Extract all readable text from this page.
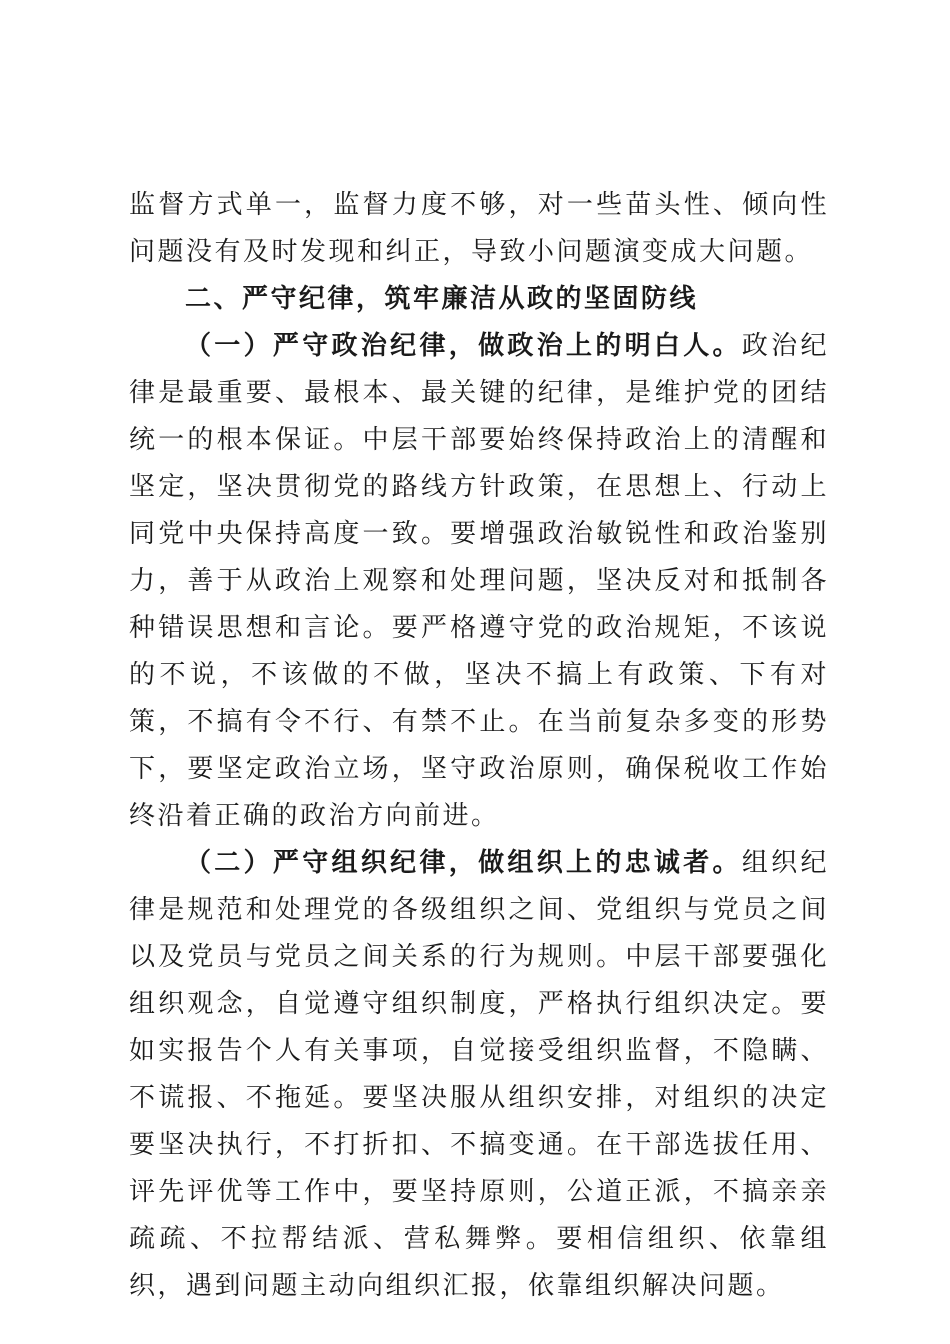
监督方式单一，监督力度不够，对一些苗头性、倾向性问题没有及时发现和纠正，导致小问题演变成大问题。

二、严守纪律，筑牢廉洁从政的坚固防线

（一）严守政治纪律，做政治上的明白人。政治纪律是最重要、最根本、最关键的纪律，是维护党的团结统一的根本保证。中层干部要始终保持政治上的清醒和坚定，坚决贯彻党的路线方针政策，在思想上、行动上同党中央保持高度一致。要增强政治敏锐性和政治鉴别力，善于从政治上观察和处理问题，坚决反对和抵制各种错误思想和言论。要严格遵守党的政治规矩，不该说的不说，不该做的不做，坚决不搞上有政策、下有对策，不搞有令不行、有禁不止。在当前复杂多变的形势下，要坚定政治立场，坚守政治原则，确保税收工作始终沿着正确的政治方向前进。

（二）严守组织纪律，做组织上的忠诚者。组织纪律是规范和处理党的各级组织之间、党组织与党员之间以及党员与党员之间关系的行为规则。中层干部要强化组织观念，自觉遵守组织制度，严格执行组织决定。要如实报告个人有关事项，自觉接受组织监督，不隐瞒、不谎报、不拖延。要坚决服从组织安排，对组织的决定要坚决执行，不打折扣、不搞变通。在干部选拔任用、评先评优等工作中，要坚持原则，公道正派，不搞亲亲疏疏、不拉帮结派、营私舞弊。要相信组织、依靠组织，遇到问题主动向组织汇报，依靠组织解决问题。
